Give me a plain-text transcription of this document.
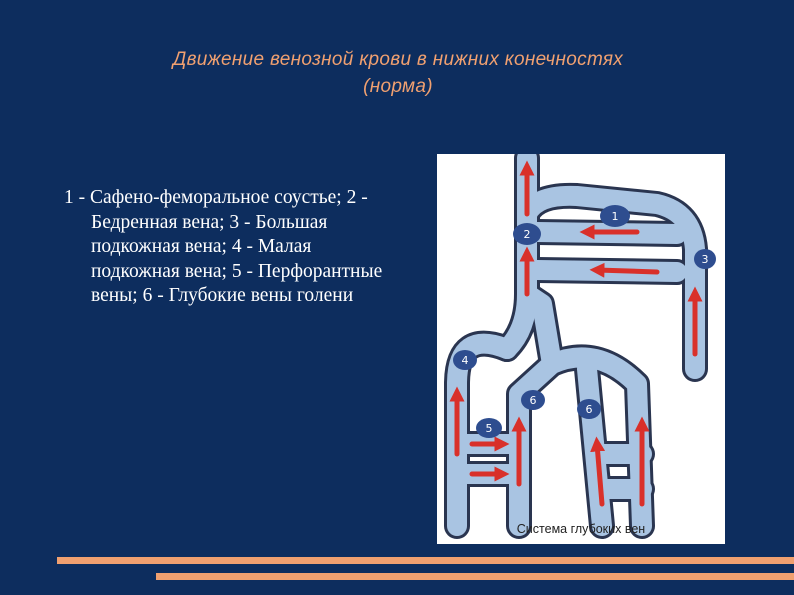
Движение венозной крови в нижних конечностях
(норма)
1 - Сафено-феморальное соустье; 2 - Бедренная вена; 3 - Большая подкожная вена; 4 - Малая подкожная вена; 5 - Перфорантные вены; 6 - Глубокие вены голени
1
2
3
4
5
6
6
Система глубоких вен
